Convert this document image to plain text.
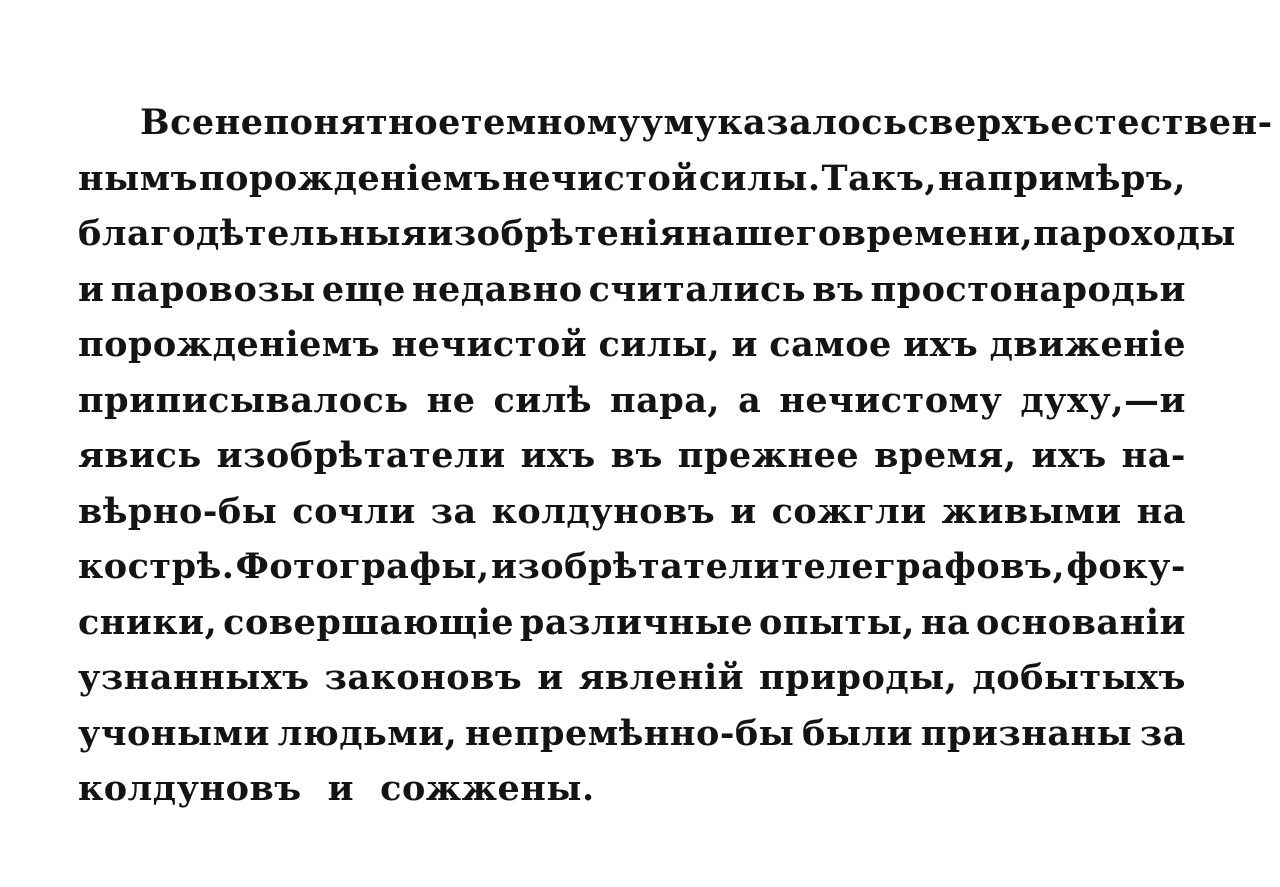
Все непонятное темному уму казалось сверхъестествен-
нымъ порожденіемъ нечистой силы. Такъ, напримѣръ,
благодѣтельныя изобрѣтенія нашего времени, пароходы
и паровозы еще недавно считались въ простонародьи
порожденіемъ нечистой силы, и самое ихъ движеніе
приписывалось не силѣ пара, а нечистому духу,—и
явись изобрѣтатели ихъ въ прежнее время, ихъ на-
вѣрно-бы сочли за колдуновъ и сожгли живыми на
кострѣ. Фотографы, изобрѣтатели телеграфовъ, фоку-
сники, совершающіе различные опыты, на основаніи
узнанныхъ законовъ и явленій природы, добытыхъ
учоными людьми, непремѣнно-бы были признаны за
колдуновъ и сожжены.
